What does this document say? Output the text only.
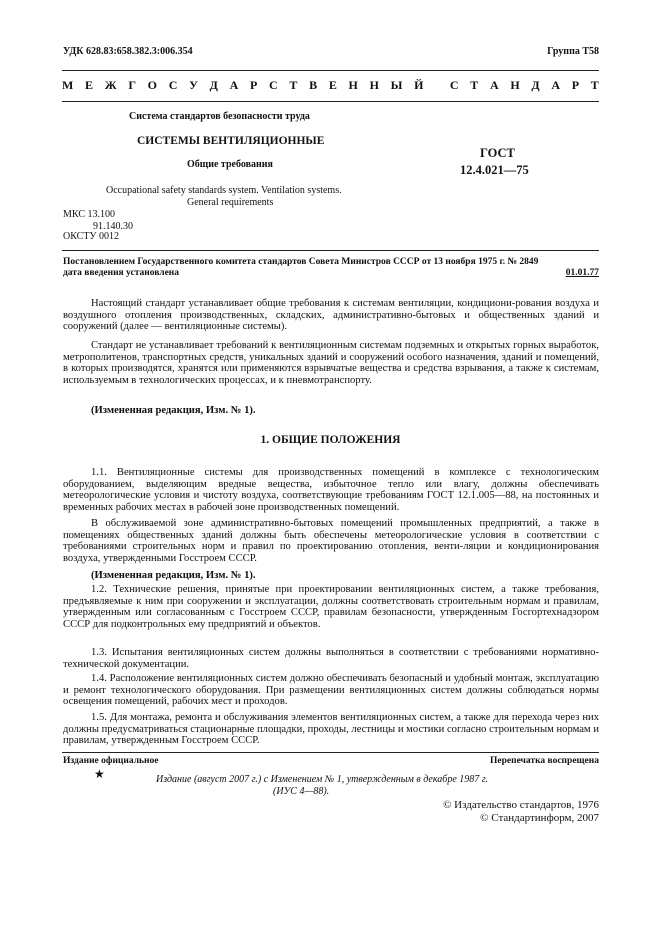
УДК 628.83:658.382.3:006.354	Группа Т58
М Е Ж Г О С У Д А Р С Т В Е Н Н Ы Й
С Т А Н Д А Р Т
Система стандартов безопасности труда
СИСТЕМЫ ВЕНТИЛЯЦИОННЫЕ
Общие требования
ГОСТ
12.4.021—75
Occupational safety standards system. Ventilation systems.
General requirements
МКС 13.100
91.140.30
ОКСТУ 0012
Постановлением Государственного комитета стандартов Совета Министров СССР от 13 ноября 1975 г. № 2849
дата введения установлена	01.01.77

Настоящий стандарт устанавливает общие требования к системам вентиляции, кондициони-рования воздуха и воздушного отопления производственных, складских, административно-бытовых и общественных зданий и сооружений (далее — вентиляционные системы).

Стандарт не устанавливает требований к вентиляционным системам подземных и открытых горных выработок, метрополитенов, транспортных средств, уникальных зданий и сооружений особого назначения, зданий и помещений, в которых производятся, хранятся или применяются взрывчатые вещества и средства взрывания, а также к системам, используемым в технологических процессах, и к пневмотранспорту.

(Измененная редакция, Изм. № 1).

1. ОБЩИЕ ПОЛОЖЕНИЯ

1.1. Вентиляционные системы для производственных помещений в комплексе с технологическим оборудованием, выделяющим вредные вещества, избыточное тепло или влагу, должны обеспечивать метеорологические условия и чистоту воздуха, соответствующие требованиям ГОСТ 12.1.005—88, на постоянных и временных рабочих местах в рабочей зоне производственных помещений.

В обслуживаемой зоне административно-бытовых помещений промышленных предприятий, а также в помещениях общественных зданий должны быть обеспечены метеорологические условия в соответствии с требованиями строительных норм и правил по проектированию отопления, венти-ляции и кондиционирования воздуха, утвержденными Госстроем СССР.

(Измененная редакция, Изм. № 1).

1.2. Технические решения, принятые при проектировании вентиляционных систем, а также требования, предъявляемые к ним при сооружении и эксплуатации, должны соответствовать строительным нормам и правилам, утвержденным или согласованным с Госстроем СССР, правилам безопасности, утвержденным Госгортехнадзором СССР для подконтрольных ему предприятий и объектов.

1.3. Испытания вентиляционных систем должны выполняться в соответствии с требованиями нормативно-технической документации.

1.4. Расположение вентиляционных систем должно обеспечивать безопасный и удобный монтаж, эксплуатацию и ремонт технологического оборудования. При размещении вентиляционных систем должны соблюдаться нормы освещения помещений, рабочих мест и проходов.

1.5. Для монтажа, ремонта и обслуживания элементов вентиляционных систем, а также для перехода через них должны предусматриваться стационарные площадки, проходы, лестницы и мостики согласно строительным нормам и правилам, утвержденным Госстроем СССР.

Издание официальное	Перепечатка воспрещена
★	Издание (август 2007 г.) с Изменением № 1, утвержденным в декабре 1987 г.
(ИУС 4—88).
© Издательство стандартов, 1976
© Стандартинформ, 2007
